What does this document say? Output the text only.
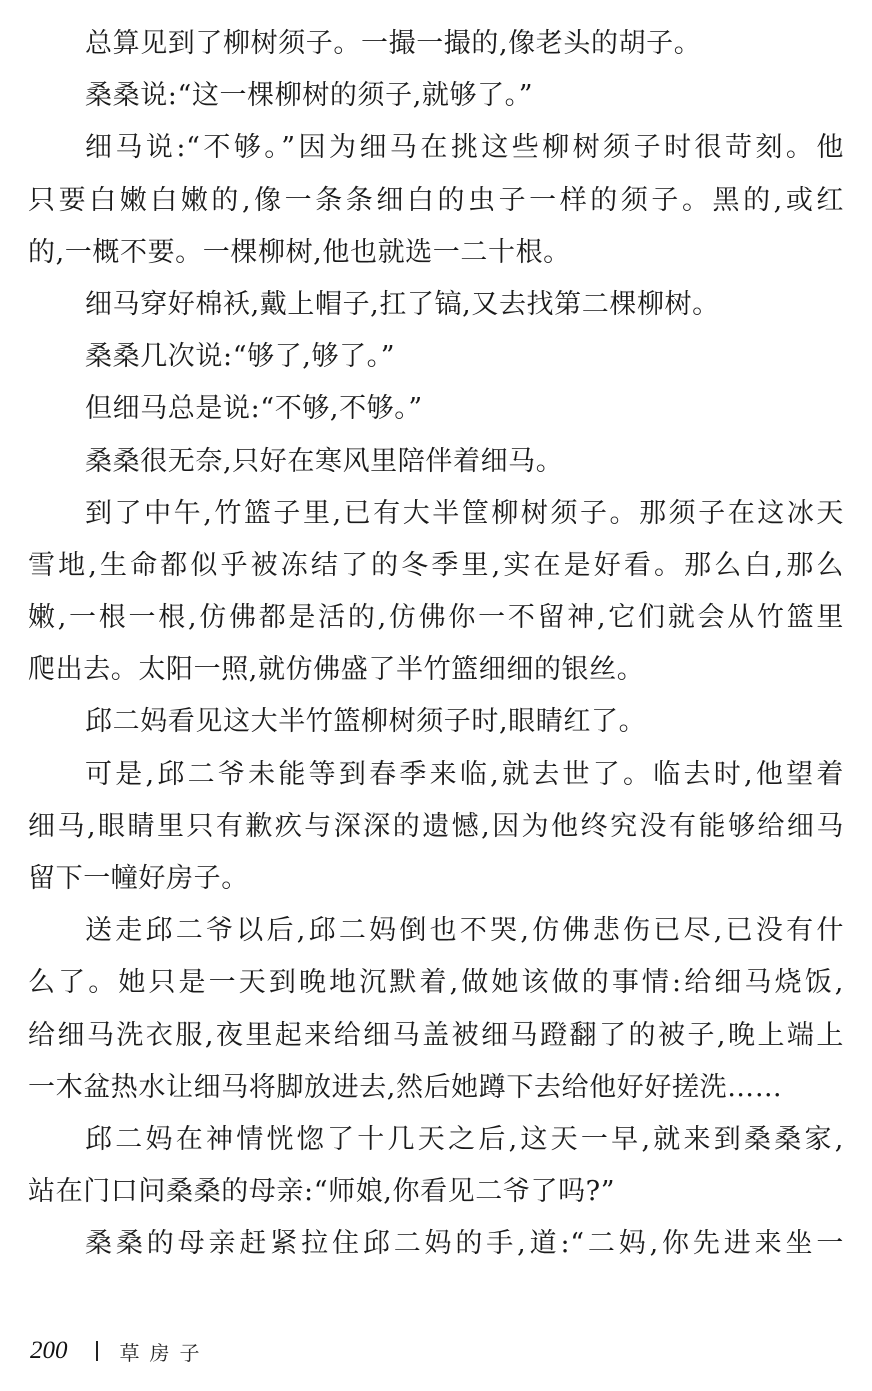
总算见到了柳树须子。一撮一撮的,像老头的胡子。
桑桑说:“这一棵柳树的须子,就够了。”
细马说:“不够。”因为细马在挑这些柳树须子时很苛刻。他
只要白嫩白嫩的,像一条条细白的虫子一样的须子。黑的,或红
的,一概不要。一棵柳树,他也就选一二十根。
细马穿好棉袄,戴上帽子,扛了镐,又去找第二棵柳树。
桑桑几次说:“够了,够了。”
但细马总是说:“不够,不够。”
桑桑很无奈,只好在寒风里陪伴着细马。
到了中午,竹篮子里,已有大半筐柳树须子。那须子在这冰天
雪地,生命都似乎被冻结了的冬季里,实在是好看。那么白,那么
嫩,一根一根,仿佛都是活的,仿佛你一不留神,它们就会从竹篮里
爬出去。太阳一照,就仿佛盛了半竹篮细细的银丝。
邱二妈看见这大半竹篮柳树须子时,眼睛红了。
可是,邱二爷未能等到春季来临,就去世了。临去时,他望着
细马,眼睛里只有歉疚与深深的遗憾,因为他终究没有能够给细马
留下一幢好房子。
送走邱二爷以后,邱二妈倒也不哭,仿佛悲伤已尽,已没有什
么了。她只是一天到晚地沉默着,做她该做的事情:给细马烧饭,
给细马洗衣服,夜里起来给细马盖被细马蹬翻了的被子,晚上端上
一木盆热水让细马将脚放进去,然后她蹲下去给他好好搓洗……
邱二妈在神情恍惚了十几天之后,这天一早,就来到桑桑家,
站在门口问桑桑的母亲:“师娘,你看见二爷了吗?”
桑桑的母亲赶紧拉住邱二妈的手,道:“二妈,你先进来坐一
200	草房子
